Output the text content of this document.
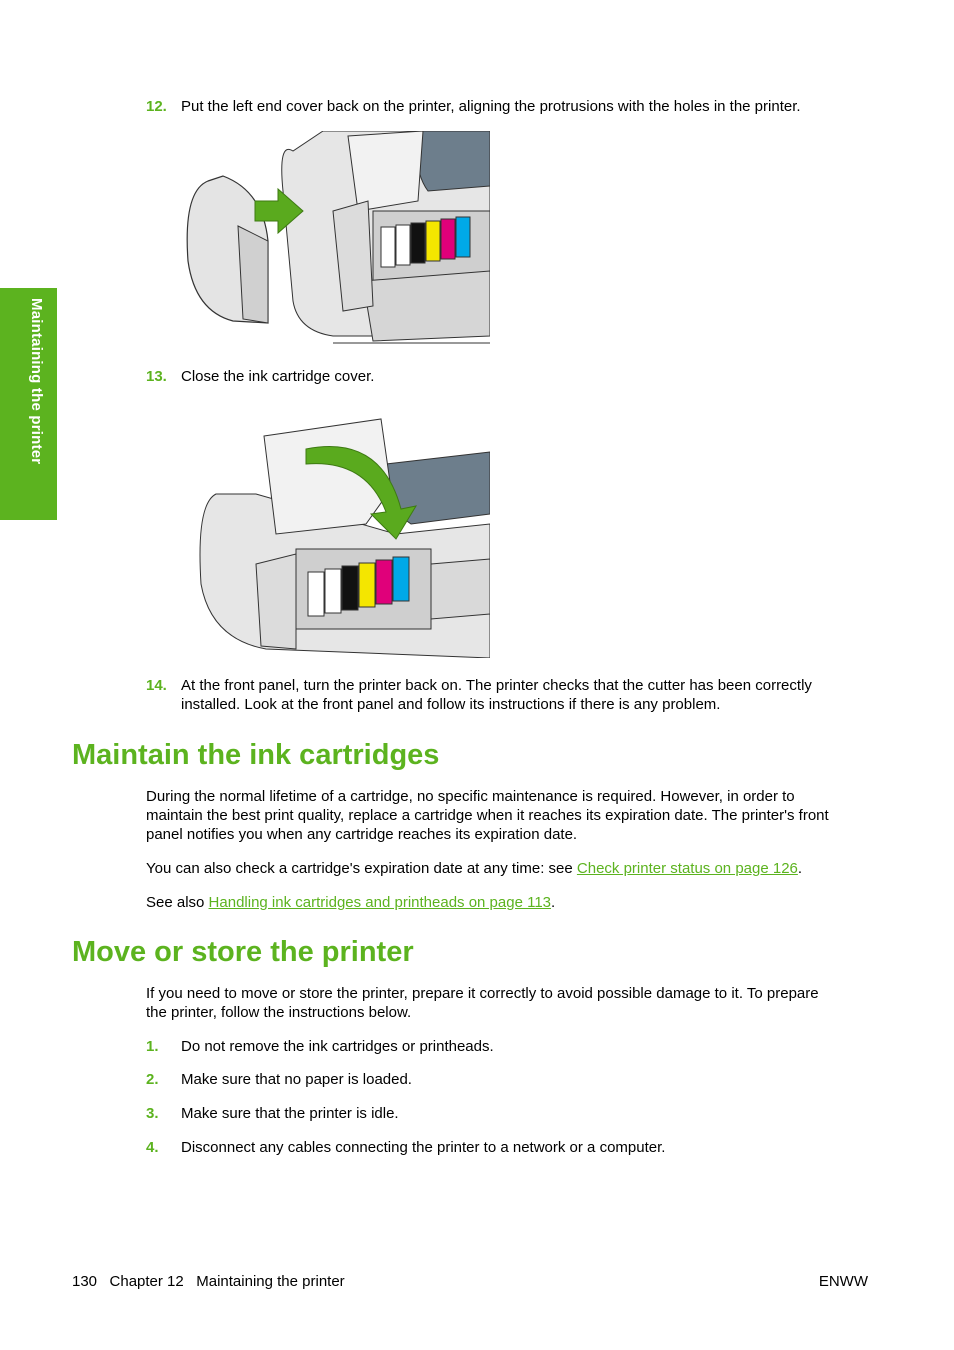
Maintaining the printer
12. Put the left end cover back on the printer, aligning the protrusions with the holes in the printer.
13. Close the ink cartridge cover.
14. At the front panel, turn the printer back on. The printer checks that the cutter has been correctly
installed. Look at the front panel and follow its instructions if there is any problem.
Maintain the ink cartridges
During the normal lifetime of a cartridge, no specific maintenance is required. However, in order to
maintain the best print quality, replace a cartridge when it reaches its expiration date. The printer's front
panel notifies you when any cartridge reaches its expiration date.
You can also check a cartridge's expiration date at any time: see Check printer status on page 126.
See also Handling ink cartridges and printheads on page 113.
Move or store the printer
If you need to move or store the printer, prepare it correctly to avoid possible damage to it. To prepare
the printer, follow the instructions below.
1. Do not remove the ink cartridges or printheads.
2. Make sure that no paper is loaded.
3. Make sure that the printer is idle.
4. Disconnect any cables connecting the printer to a network or a computer.
130   Chapter 12   Maintaining the printer	ENWW
